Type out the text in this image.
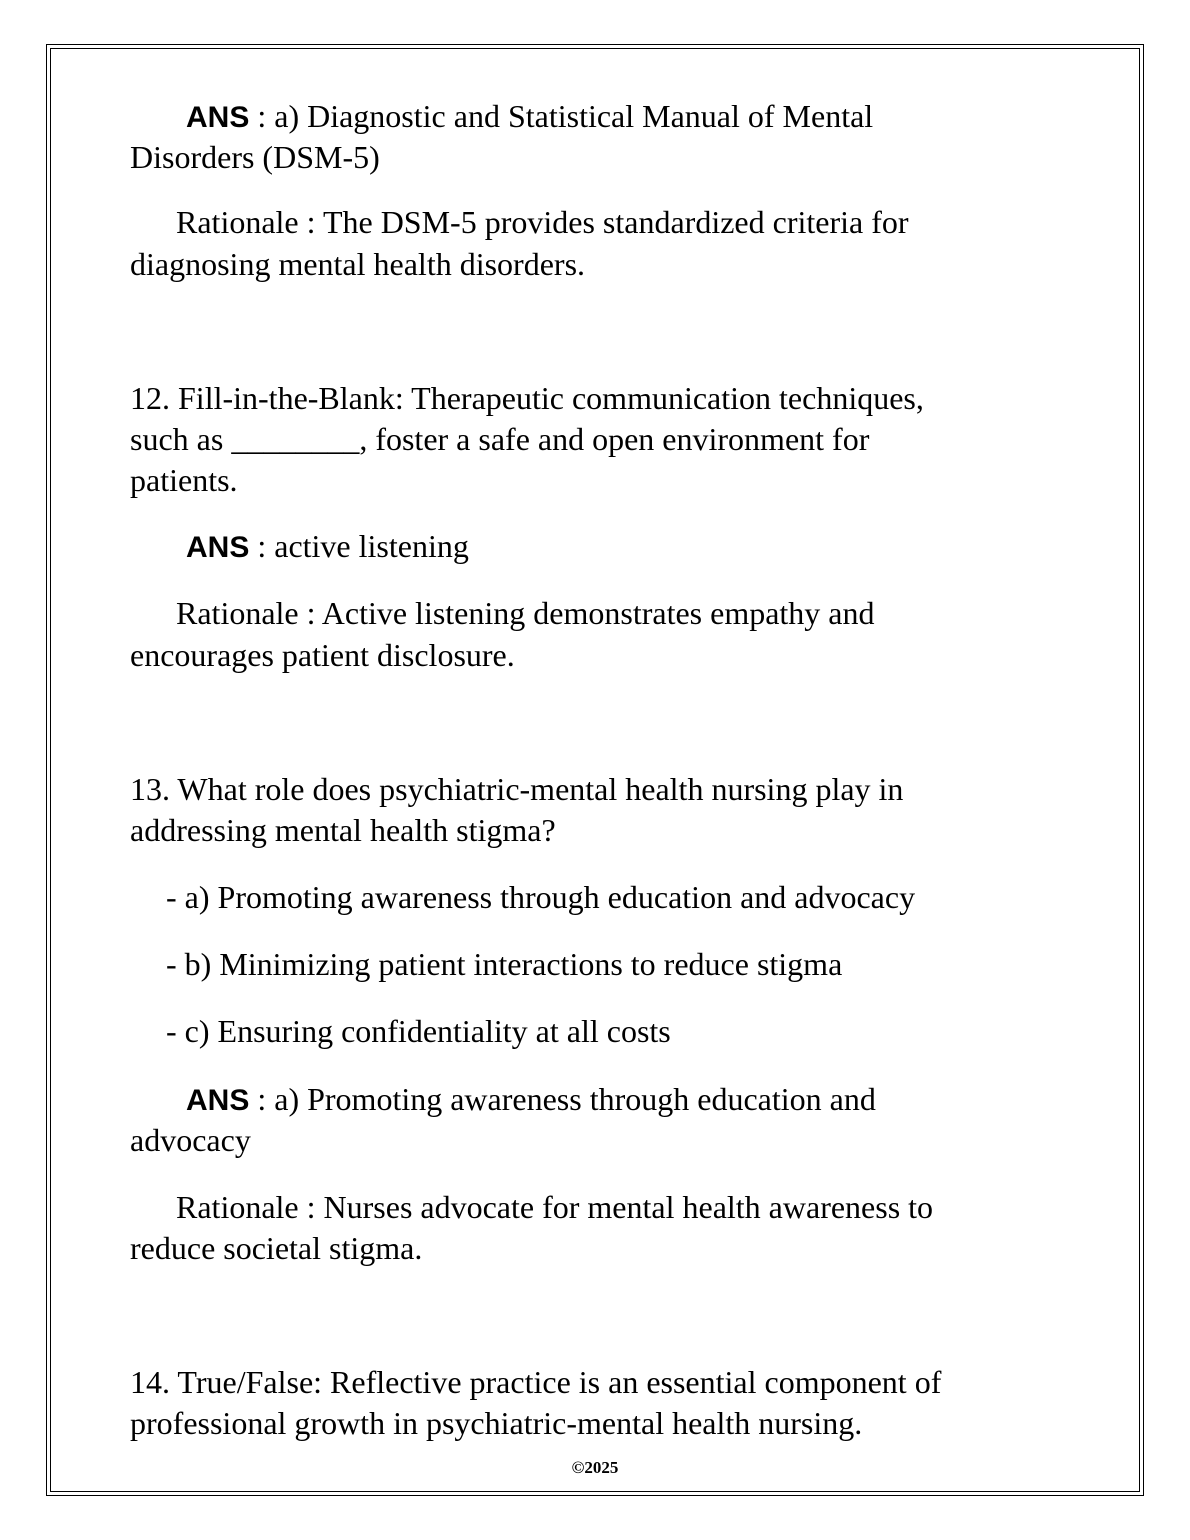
ANS : a) Diagnostic and Statistical Manual of Mental
Disorders (DSM-5)
Rationale : The DSM-5 provides standardized criteria for
diagnosing mental health disorders.
12. Fill-in-the-Blank: Therapeutic communication techniques,
such as ________, foster a safe and open environment for
patients.
ANS : active listening
Rationale : Active listening demonstrates empathy and
encourages patient disclosure.
13. What role does psychiatric-mental health nursing play in
addressing mental health stigma?
- a) Promoting awareness through education and advocacy
- b) Minimizing patient interactions to reduce stigma
- c) Ensuring confidentiality at all costs
ANS : a) Promoting awareness through education and
advocacy
Rationale : Nurses advocate for mental health awareness to
reduce societal stigma.
14. True/False: Reflective practice is an essential component of
professional growth in psychiatric-mental health nursing.
©2025
